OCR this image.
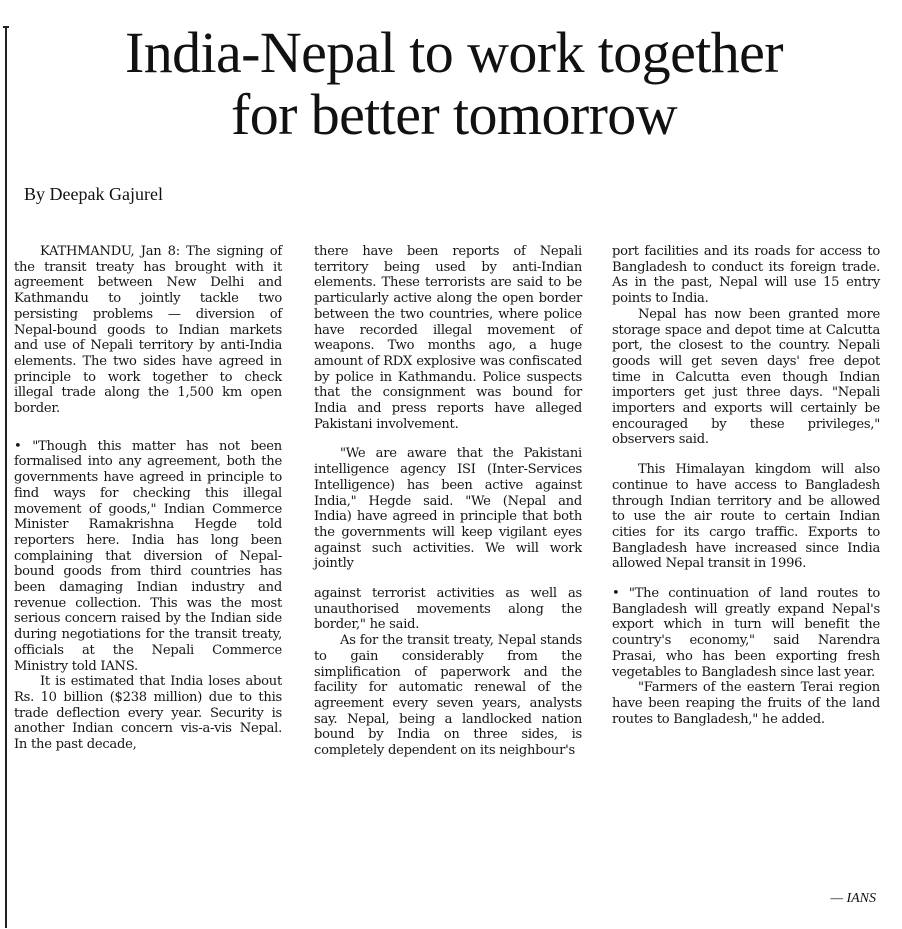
India-Nepal to work together
for better tomorrow
By Deepak Gajurel

KATHMANDU, Jan 8: The signing of the transit treaty has brought with it agreement between New Delhi and Kathmandu to jointly tackle two persisting problems — diversion of Nepal-bound goods to Indian markets and use of Nepali territory by anti-India elements. The two sides have agreed in principle to work together to check illegal trade along the 1,500 km open border.

• "Though this matter has not been formalised into any agreement, both the governments have agreed in principle to find ways for checking this illegal movement of goods," Indian Commerce Minister Ramakrishna Hegde told reporters here. India has long been complaining that diversion of Nepal-bound goods from third countries has been damaging Indian industry and revenue collection. This was the most serious concern raised by the Indian side during negotiations for the transit treaty, officials at the Nepali Commerce Ministry told IANS.

It is estimated that India loses about Rs. 10 billion ($238 million) due to this trade deflection every year. Security is another Indian concern vis-a-vis Nepal. In the past decade,

there have been reports of Nepali territory being used by anti-Indian elements. These terrorists are said to be particularly active along the open border between the two countries, where police have recorded illegal movement of weapons. Two months ago, a huge amount of RDX explosive was confiscated by police in Kathmandu. Police suspects that the consignment was bound for India and press reports have alleged Pakistani involvement.

"We are aware that the Pakistani intelligence agency ISI (Inter-Services Intelligence) has been active against India," Hegde said. "We (Nepal and India) have agreed in principle that both the governments will keep vigilant eyes against such activities. We will work jointly

against terrorist activities as well as unauthorised movements along the border," he said.

As for the transit treaty, Nepal stands to gain considerably from the simplification of paperwork and the facility for automatic renewal of the agreement every seven years, analysts say. Nepal, being a landlocked nation bound by India on three sides, is completely dependent on its neighbour's

port facilities and its roads for access to Bangladesh to conduct its foreign trade. As in the past, Nepal will use 15 entry points to India.

Nepal has now been granted more storage space and depot time at Calcutta port, the closest to the country. Nepali goods will get seven days' free depot time in Calcutta even though Indian importers get just three days. "Nepali importers and exports will certainly be encouraged by these privileges," observers said.

This Himalayan kingdom will also continue to have access to Bangladesh through Indian territory and be allowed to use the air route to certain Indian cities for its cargo traffic. Exports to Bangladesh have increased since India allowed Nepal transit in 1996.

• "The continuation of land routes to Bangladesh will greatly expand Nepal's export which in turn will benefit the country's economy," said Narendra Prasai, who has been exporting fresh vegetables to Bangladesh since last year.

"Farmers of the eastern Terai region have been reaping the fruits of the land routes to Bangladesh," he added.

— IANS
